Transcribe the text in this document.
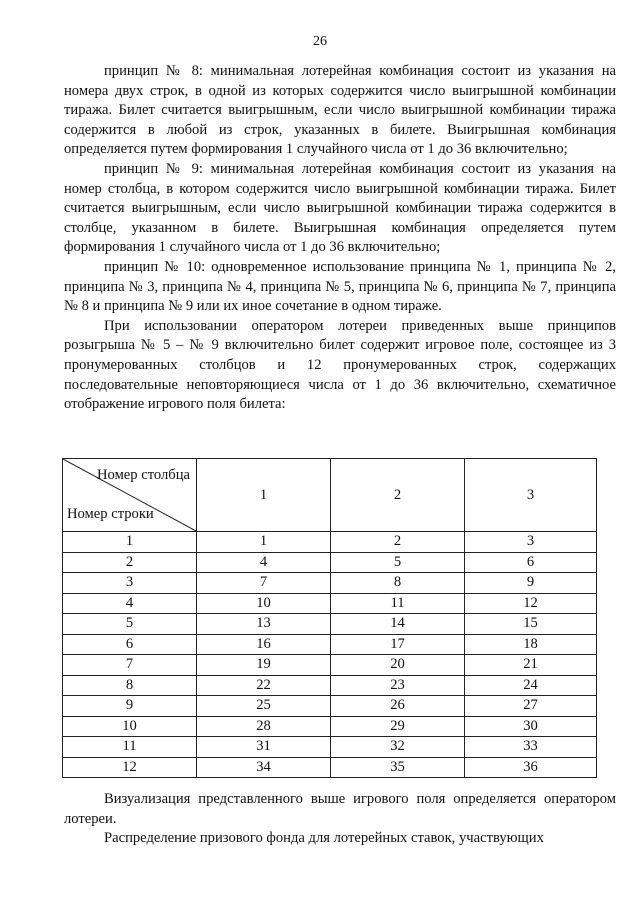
26

принцип № 8: минимальная лотерейная комбинация состоит из указания на номера двух строк, в одной из которых содержится число выигрышной комбинации тиража. Билет считается выигрышным, если число выигрышной комбинации тиража содержится в любой из строк, указанных в билете. Выигрышная комбинация определяется путем формирования 1 случайного числа от 1 до 36 включительно;

принцип № 9: минимальная лотерейная комбинация состоит из указания на номер столбца, в котором содержится число выигрышной комбинации тиража. Билет считается выигрышным, если число выигрышной комбинации тиража содержится в столбце, указанном в билете. Выигрышная комбинация определяется путем формирования 1 случайного числа от 1 до 36 включительно;

принцип № 10: одновременное использование принципа № 1, принципа № 2, принципа № 3, принципа № 4, принципа № 5, принципа № 6, принципа № 7, принципа № 8 и принципа № 9 или их иное сочетание в одном тираже.

При использовании оператором лотереи приведенных выше принципов розыгрыша № 5 – № 9 включительно билет содержит игровое поле, состоящее из 3 пронумерованных столбцов и 12 пронумерованных строк, содержащих последовательные неповторяющиеся числа от 1 до 36 включительно, схематичное отображение игрового поля билета:

Номер столбца
Номер строки	1	2	3
1	1	2	3
2	4	5	6
3	7	8	9
4	10	11	12
5	13	14	15
6	16	17	18
7	19	20	21
8	22	23	24
9	25	26	27
10	28	29	30
11	31	32	33
12	34	35	36

Визуализация представленного выше игрового поля определяется оператором лотереи.

Распределение призового фонда для лотерейных ставок, участвующих
